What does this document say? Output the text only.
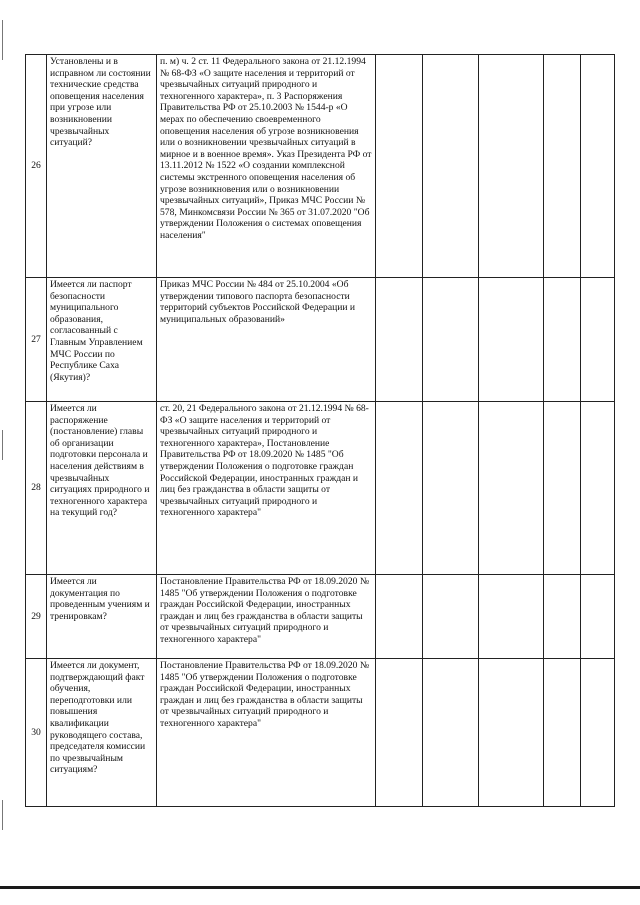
26	Установлены и в исправном ли состоянии технические средства оповещения населения при угрозе или возникновении чрезвычайных ситуаций?	п. м) ч. 2 ст. 11 Федерального закона от 21.12.1994 № 68-ФЗ «О защите населения и территорий от чрезвычайных ситуаций природного и техногенного характера», п. 3 Распоряжения Правительства РФ от 25.10.2003 № 1544-р «О мерах по обеспечению своевременного оповещения населения об угрозе возникновения или о возникновении чрезвычайных ситуаций в мирное и в военное время». Указ Президента РФ от 13.11.2012 № 1522 «О создании комплексной системы экстренного оповещения населения об угрозе возникновения или о возникновении чрезвычайных ситуаций», Приказ МЧС России № 578, Минкомсвязи России № 365 от 31.07.2020 "Об утверждении Положения о системах оповещения населения"					
27	Имеется ли паспорт безопасности муниципального образования, согласованный с Главным Управлением МЧС России по Республике Саха (Якутия)?	Приказ МЧС России № 484 от 25.10.2004 «Об утверждении типового паспорта безопасности территорий субъектов Российской Федерации и муниципальных образований»					
28	Имеется ли распоряжение (постановление) главы об организации подготовки персонала и населения действиям в чрезвычайных ситуациях природного и техногенного характера на текущий год?	ст. 20, 21 Федерального закона от 21.12.1994 № 68-ФЗ «О защите населения и территорий от чрезвычайных ситуаций природного и техногенного характера», Постановление Правительства РФ от 18.09.2020 № 1485 "Об утверждении Положения о подготовке граждан Российской Федерации, иностранных граждан и лиц без гражданства в области защиты от чрезвычайных ситуаций природного и техногенного характера"					
29	Имеется ли документация по проведенным учениям и тренировкам?	Постановление Правительства РФ от 18.09.2020 № 1485 "Об утверждении Положения о подготовке граждан Российской Федерации, иностранных граждан и лиц без гражданства в области защиты от чрезвычайных ситуаций природного и техногенного характера"					
30	Имеется ли документ, подтверждающий факт обучения, переподготовки или повышения квалификации руководящего состава, председателя комиссии по чрезвычайным ситуациям?	Постановление Правительства РФ от 18.09.2020 № 1485 "Об утверждении Положения о подготовке граждан Российской Федерации, иностранных граждан и лиц без гражданства в области защиты от чрезвычайных ситуаций природного и техногенного характера"					
